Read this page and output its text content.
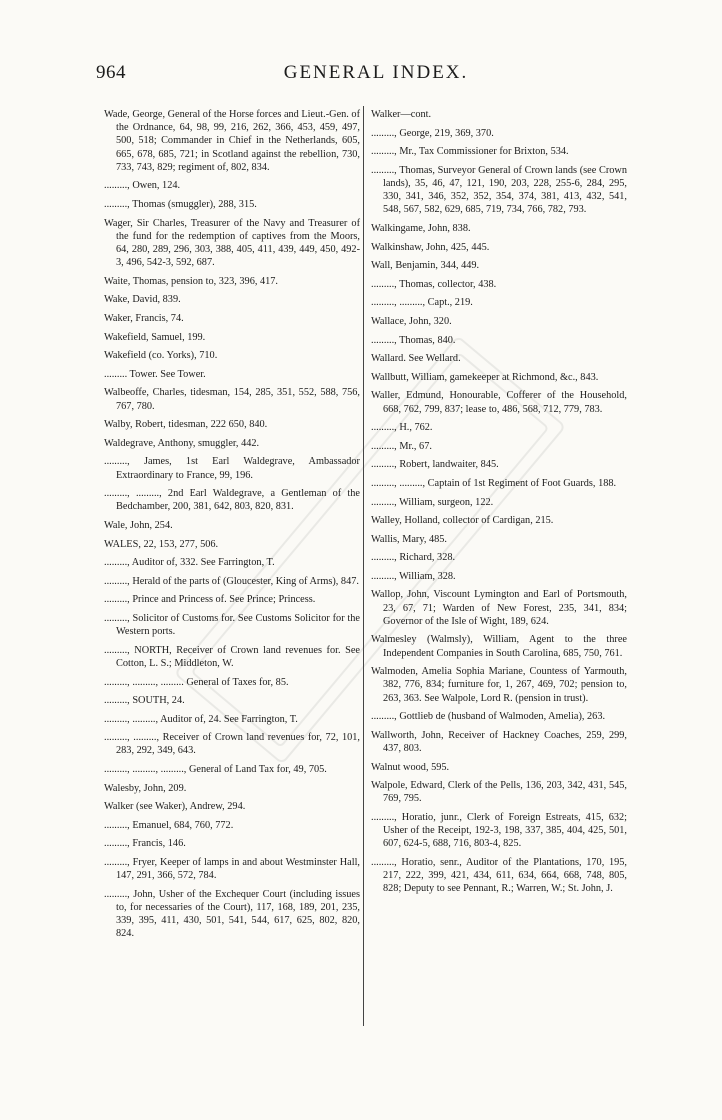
964	GENERAL INDEX.

Wade, George, General of the Horse forces and Lieut.-Gen. of the Ordnance, 64, 98, 99, 216, 262, 366, 453, 459, 497, 500, 518; Commander in Chief in the Netherlands, 605, 665, 678, 685, 721; in Scotland against the rebellion, 730, 733, 743, 829; regiment of, 802, 834.

........., Owen, 124.

........., Thomas (smuggler), 288, 315.

Wager, Sir Charles, Treasurer of the Navy and Treasurer of the fund for the redemption of captives from the Moors, 64, 280, 289, 296, 303, 388, 405, 411, 439, 449, 450, 492-3, 496, 542-3, 592, 687.

Waite, Thomas, pension to, 323, 396, 417.

Wake, David, 839.

Waker, Francis, 74.

Wakefield, Samuel, 199.

Wakefield (co. Yorks), 710.

......... Tower. See Tower.

Walbeoffe, Charles, tidesman, 154, 285, 351, 552, 588, 756, 767, 780.

Walby, Robert, tidesman, 222 650, 840.

Waldegrave, Anthony, smuggler, 442.

........., James, 1st Earl Waldegrave, Ambassador Extraordinary to France, 99, 196.

........., ........., 2nd Earl Waldegrave, a Gentleman of the Bedchamber, 200, 381, 642, 803, 820, 831.

Wale, John, 254.

WALES, 22, 153, 277, 506.

........., Auditor of, 332. See Farrington, T.

........., Herald of the parts of (Gloucester, King of Arms), 847.

........., Prince and Princess of. See Prince; Princess.

........., Solicitor of Customs for. See Customs Solicitor for the Western ports.

........., NORTH, Receiver of Crown land revenues for. See Cotton, L. S.; Middleton, W.

........., ........., ......... General of Taxes for, 85.

........., SOUTH, 24.

........., ........., Auditor of, 24. See Farrington, T.

........., ........., Receiver of Crown land revenues for, 72, 101, 283, 292, 349, 643.

........., ........., ........., General of Land Tax for, 49, 705.

Walesby, John, 209.

Walker (see Waker), Andrew, 294.

........., Emanuel, 684, 760, 772.

........., Francis, 146.

........., Fryer, Keeper of lamps in and about Westminster Hall, 147, 291, 366, 572, 784.

........., John, Usher of the Exchequer Court (including issues to, for necessaries of the Court), 117, 168, 189, 201, 235, 339, 395, 411, 430, 501, 541, 544, 617, 625, 802, 820, 824.

Walker—cont.

........., George, 219, 369, 370.

........., Mr., Tax Commissioner for Brixton, 534.

........., Thomas, Surveyor General of Crown lands (see Crown lands), 35, 46, 47, 121, 190, 203, 228, 255-6, 284, 295, 330, 341, 346, 352, 352, 354, 374, 381, 413, 432, 541, 548, 567, 582, 629, 685, 719, 734, 766, 782, 793.

Walkingame, John, 838.

Walkinshaw, John, 425, 445.

Wall, Benjamin, 344, 449.

........., Thomas, collector, 438.

........., ........., Capt., 219.

Wallace, John, 320.

........., Thomas, 840.

Wallard. See Wellard.

Wallbutt, William, gamekeeper at Richmond, &c., 843.

Waller, Edmund, Honourable, Cofferer of the Household, 668, 762, 799, 837; lease to, 486, 568, 712, 779, 783.

........., H., 762.

........., Mr., 67.

........., Robert, landwaiter, 845.

........., ........., Captain of 1st Regiment of Foot Guards, 188.

........., William, surgeon, 122.

Walley, Holland, collector of Cardigan, 215.

Wallis, Mary, 485.

........., Richard, 328.

........., William, 328.

Wallop, John, Viscount Lymington and Earl of Portsmouth, 23, 67, 71; Warden of New Forest, 235, 341, 834; Governor of the Isle of Wight, 189, 624.

Walmesley (Walmsly), William, Agent to the three Independent Companies in South Carolina, 685, 750, 761.

Walmoden, Amelia Sophia Mariane, Countess of Yarmouth, 382, 776, 834; furniture for, 1, 267, 469, 702; pension to, 263, 363. See Walpole, Lord R. (pension in trust).

........., Gottlieb de (husband of Walmoden, Amelia), 263.

Wallworth, John, Receiver of Hackney Coaches, 259, 299, 437, 803.

Walnut wood, 595.

Walpole, Edward, Clerk of the Pells, 136, 203, 342, 431, 545, 769, 795.

........., Horatio, junr., Clerk of Foreign Estreats, 415, 632; Usher of the Receipt, 192-3, 198, 337, 385, 404, 425, 501, 607, 624-5, 688, 716, 803-4, 825.

........., Horatio, senr., Auditor of the Plantations, 170, 195, 217, 222, 399, 421, 434, 611, 634, 664, 668, 748, 805, 828; Deputy to see Pennant, R.; Warren, W.; St. John, J.
